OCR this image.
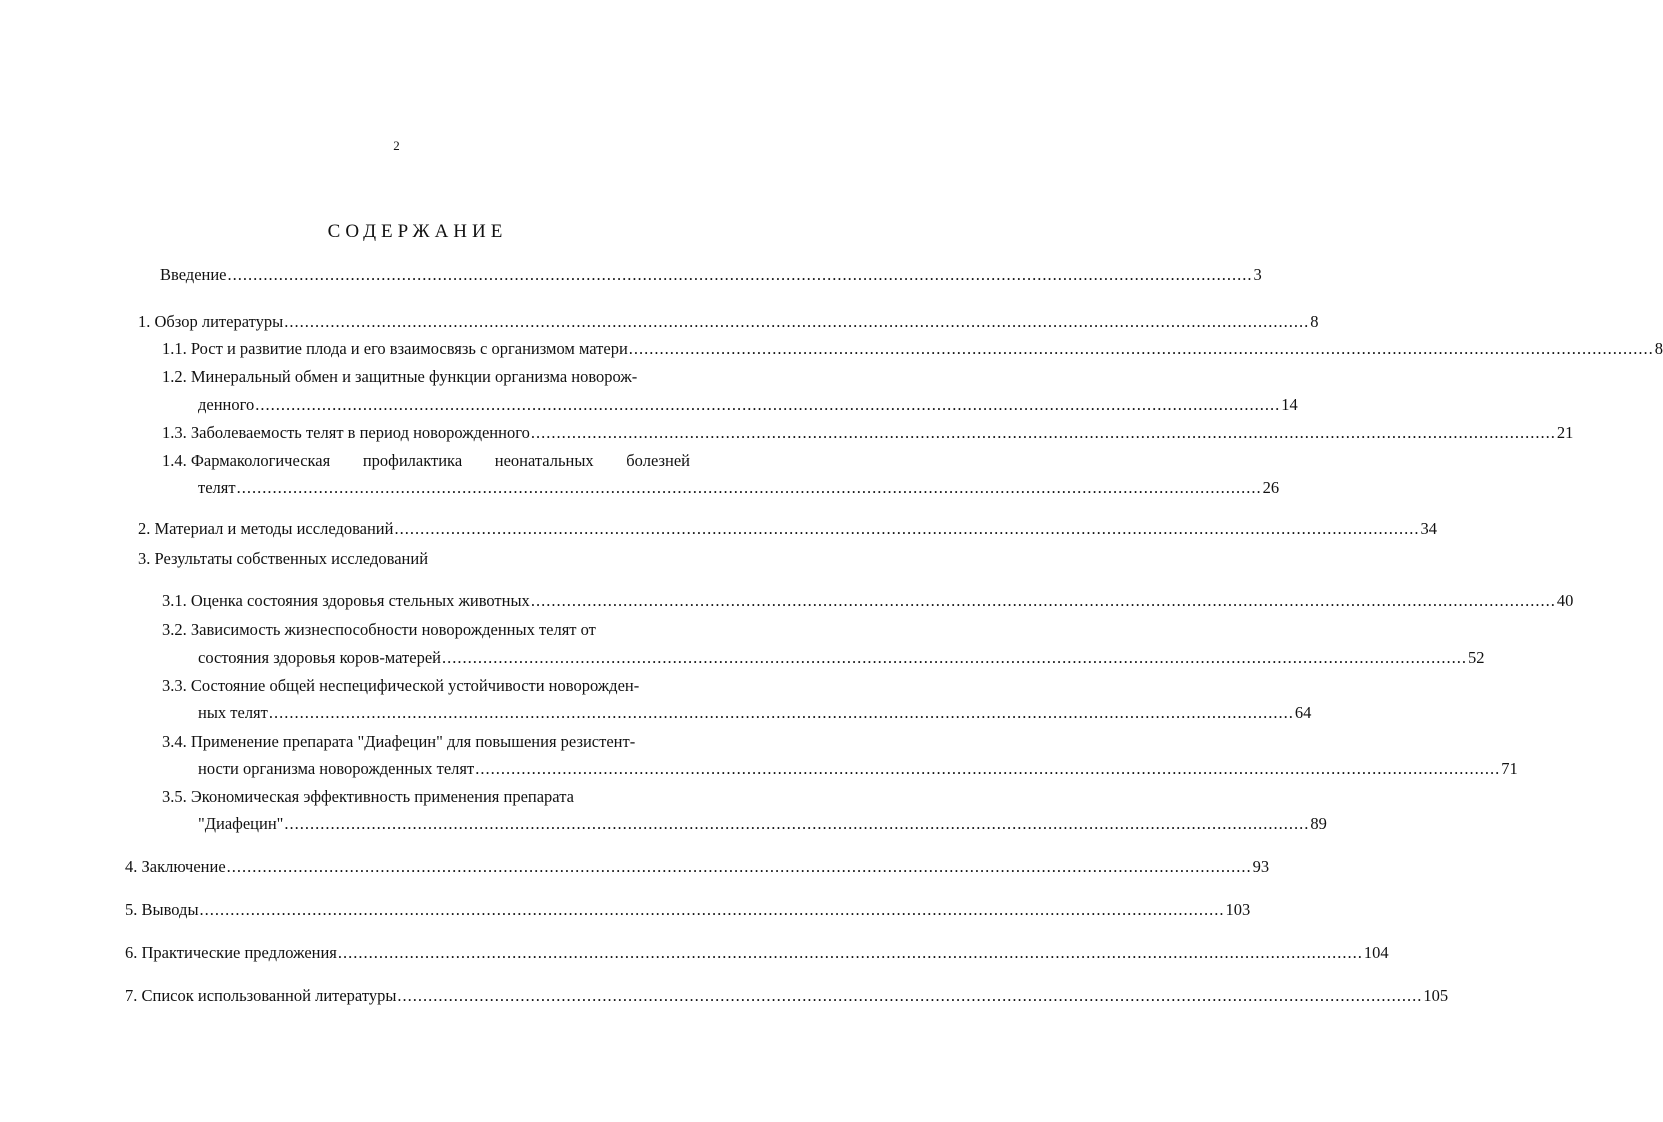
2
СОДЕРЖАНИЕ
Введение ........................................................................................................................................................................................................ 3
1. Обзор литературы ........................................................................................................................................................................................................ 8
1.1. Рост и развитие плода и его взаимосвязь с организмом матери ........................................................................................................................................................................................................ 8
1.2. Минеральный обмен и защитные функции организма новорож-
денного ........................................................................................................................................................................................................ 14
1.3. Заболеваемость телят в период новорожденного ........................................................................................................................................................................................................ 21
1.4. Фармакологическая профилактика неонатальных болезней
телят ........................................................................................................................................................................................................ 26
2. Материал и методы исследований ........................................................................................................................................................................................................ 34
3. Результаты собственных исследований
3.1. Оценка состояния здоровья стельных животных ........................................................................................................................................................................................................ 40
3.2. Зависимость жизнеспособности новорожденных телят от
состояния здоровья коров-матерей ........................................................................................................................................................................................................ 52
3.3. Состояние общей неспецифической устойчивости новорожден-
ных телят ........................................................................................................................................................................................................ 64
3.4. Применение препарата "Диафецин" для повышения резистент-
ности организма новорожденных телят ........................................................................................................................................................................................................ 71
3.5. Экономическая эффективность применения препарата
"Диафецин" ........................................................................................................................................................................................................ 89
4. Заключение ........................................................................................................................................................................................................ 93
5. Выводы ........................................................................................................................................................................................................ 103
6. Практические предложения ........................................................................................................................................................................................................ 104
7. Список использованной литературы ........................................................................................................................................................................................................ 105
